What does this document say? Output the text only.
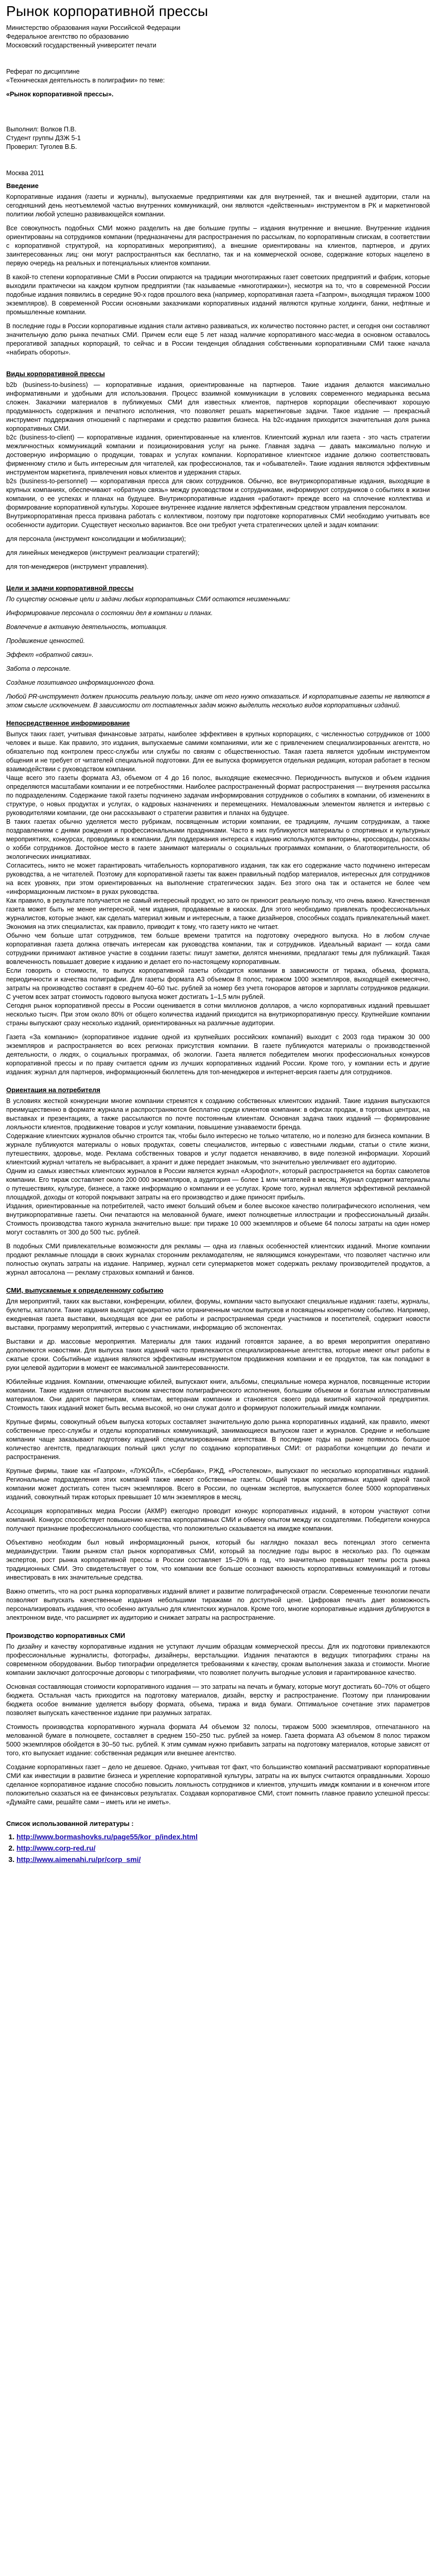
Рынок корпоративной прессы

Министерство образования науки Российской Федерации

Федеральное агентство по образованию

Московский государственный университет печати

Реферат по дисциплине

«Техническая деятельность в полиграфии» по теме:

«Рынок корпоративной прессы».

Выполнил: Волков П.В.

Студент группы ДЗЖ 5-1

Проверил: Туголев В.Б.

Москва 2011

Введение

Корпоративные издания (газеты и журналы), выпускаемые предприятиями как для внутренней, так и внешней аудитории, стали на сегодняшний день неотъемлемой частью внутренних коммуникаций, они являются «действенным» инструментом в РК и маркетинговой политики любой успешно развивающейся компании.

Все совокупность подобных СМИ можно разделить на две большие группы – издания внутренние и внешние. Внутренние издания ориентированы на сотрудников компании (предназначены для распространения по рассылкам, по корпоративным спискам, в соответствии с корпоративной структурой, на корпоративных мероприятиях), а внешние ориентированы на клиентов, партнеров, и других заинтересованных лиц: они могут распространяться как бесплатно, так и на коммерческой основе, содержание которых нацелено в первую очередь на реальных и потенциальных клиентов компании.

В какой-то степени корпоративные СМИ в России опираются на традиции многотиражных газет советских предприятий и фабрик, которые выходили практически на каждом крупном предприятии (так называемые «многотиражки»), несмотря на то, что в современной России подобные издания появились в середине 90-х годов прошлого века (например, корпоративная газета «Газпром», выходящая тиражом 1000 экземпляров). В современной России основными заказчиками корпоративных изданий являются крупные холдинги, банки, нефтяные и промышленные компании.

В последние годы в России корпоративные издания стали активно развиваться, их количество постоянно растет, и сегодня они составляют значительную долю рынка печатных СМИ. Причем если еще 5 лет назад наличие корпоративного масс-медиа в основном оставалось прерогативой западных корпораций, то сейчас и в России тенденция обладания собственными корпоративными СМИ также начала «набирать обороты».

Виды корпоративной прессы

b2b (business-to-business) — корпоративные издания, ориентированные на партнеров. Такие издания делаются максимально информативными и удобными для использования. Процесс взаимной коммуникации в условиях современного медиарынка весьма сложен. Заказчики материалов в публикуемых СМИ для известных клиентов, партнеров корпорации обеспечивают хорошую продуманность содержания и печатного исполнения, что позволяет решать маркетинговые задачи. Такое издание — прекрасный инструмент поддержания отношений с партнерами и средство развития бизнеса. На b2c-издания приходится значительная доля рынка корпоративных СМИ.

b2c (business-to-client) — корпоративные издания, ориентированные на клиентов. Клиентский журнал или газета - это часть стратегии межличностных коммуникаций компании и позиционирования услуг на рынке. Главная задача — давать максимально полную и достоверную информацию о продукции, товарах и услугах компании. Корпоративное клиентское издание должно соответствовать фирменному стилю и быть интересным для читателей, как профессионалов, так и «обывателей». Такие издания являются эффективным инструментом маркетинга, привлечения новых клиентов и удержания старых.

b2s (business-to-personnel) — корпоративная пресса для своих сотрудников. Обычно, все внутрикорпоративные издания, выходящие в крупных компаниях, обеспечивают «обратную связь» между руководством и сотрудниками, информируют сотрудников о событиях в жизни компании, о ее успехах и планах на будущее. Внутрикорпоративные издания «работают» прежде всего на сплочение коллектива и формирование корпоративной культуры. Хорошее внутреннее издание является эффективным средством управления персоналом.

Внутрикорпоративная пресса призвана работать с коллективом, поэтому при подготовке корпоративных СМИ необходимо учитывать все особенности аудитории. Существует несколько вариантов. Все они требуют учета стратегических целей и задач компании:

для персонала (инструмент консолидации и мобилизации);

для линейных менеджеров (инструмент реализации стратегий);

для топ-менеджеров (инструмент управления).

Цели и задачи корпоративной прессы

По существу основные цели и задачи любых корпоративных СМИ остаются неизменными:

Информирование персонала о состоянии дел в компании и планах.

Вовлечение в активную деятельность, мотивация.

Продвижение ценностей.

Эффект «обратной связи».

Забота о персонале.

Создание позитивного информационного фона.

Любой PR-инструмент должен приносить реальную пользу, иначе от него нужно отказаться. И корпоративные газеты не являются в этом смысле исключением. В зависимости от поставленных задач можно выделить несколько видов корпоративных изданий.

Непосредственное информирование

Выпуск таких газет, учитывая финансовые затраты, наиболее эффективен в крупных корпорациях, с численностью сотрудников от 1000 человек и выше. Как правило, это издания, выпускаемые самими компаниями, или же с привлечением специализированных агентств, но обязательно под контролем пресс-службы или службы по связям с общественностью. Такая газета является удобным инструментом общения и не требует от читателей специальной подготовки. Для ее выпуска формируется отдельная редакция, которая работает в тесном взаимодействии с руководством компании.

Чаще всего это газеты формата А3, объемом от 4 до 16 полос, выходящие ежемесячно. Периодичность выпусков и объем издания определяются масштабами компании и ее потребностями. Наиболее распространенный формат распространения — внутренняя рассылка по подразделениям. Содержание такой газеты подчинено задачам информирования сотрудников о событиях в компании, об изменениях в структуре, о новых продуктах и услугах, о кадровых назначениях и перемещениях. Немаловажным элементом является и интервью с руководителями компании, где они рассказывают о стратегии развития и планах на будущее.

В таких газетах обычно уделяется место рубрикам, посвященным истории компании, ее традициям, лучшим сотрудникам, а также поздравлениям с днями рождения и профессиональными праздниками. Часто в них публикуются материалы о спортивных и культурных мероприятиях, конкурсах, проводимых в компании. Для поддержания интереса к изданию используются викторины, кроссворды, рассказы о хобби сотрудников. Достойное место в газете занимают материалы о социальных программах компании, о благотворительности, об экологических инициативах.

Согласитесь, никто не может гарантировать читабельность корпоративного издания, так как его содержание часто подчинено интересам руководства, а не читателей. Поэтому для корпоративной газеты так важен правильный подбор материалов, интересных для сотрудников на всех уровнях, при этом ориентированных на выполнение стратегических задач. Без этого она так и останется не более чем «информационным листком» в руках руководства.

Как правило, в результате получается не самый интересный продукт, но зато он приносит реальную пользу, что очень важно. Качественная газета может быть не менее интересной, чем издания, продаваемые в киосках. Для этого необходимо привлекать профессиональных журналистов, которые знают, как сделать материал живым и интересным, а также дизайнеров, способных создать привлекательный макет. Экономия на этих специалистах, как правило, приводит к тому, что газету никто не читает.

Обычно чем больше штат сотрудников, тем больше времени тратится на подготовку очередного выпуска. Но в любом случае корпоративная газета должна отвечать интересам как руководства компании, так и сотрудников. Идеальный вариант — когда сами сотрудники принимают активное участие в создании газеты: пишут заметки, делятся мнениями, предлагают темы для публикаций. Такая вовлеченность повышает доверие к изданию и делает его по-настоящему корпоративным.

Если говорить о стоимости, то выпуск корпоративной газеты обходится компании в зависимости от тиража, объема, формата, периодичности и качества полиграфии. Для газеты формата А3 объемом 8 полос, тиражом 1000 экземпляров, выходящей ежемесячно, затраты на производство составят в среднем 40–60 тыс. рублей за номер без учета гонораров авторов и зарплаты сотрудников редакции. С учетом всех затрат стоимость годового выпуска может достигать 1–1,5 млн рублей.

Сегодня рынок корпоративной прессы в России оценивается в сотни миллионов долларов, а число корпоративных изданий превышает несколько тысяч. При этом около 80% от общего количества изданий приходится на внутрикорпоративную прессу. Крупнейшие компании страны выпускают сразу несколько изданий, ориентированных на различные аудитории.

Газета «За компанию» (корпоративное издание одной из крупнейших российских компаний) выходит с 2003 года тиражом 30 000 экземпляров и распространяется во всех регионах присутствия компании. В газете публикуются материалы о производственной деятельности, о людях, о социальных программах, об экологии. Газета является победителем многих профессиональных конкурсов корпоративной прессы и по праву считается одним из лучших корпоративных изданий России. Кроме того, у компании есть и другие издания: журнал для партнеров, информационный бюллетень для топ-менеджеров и интернет-версия газеты для сотрудников.

Ориентация на потребителя

В условиях жесткой конкуренции многие компании стремятся к созданию собственных клиентских изданий. Такие издания выпускаются преимущественно в формате журнала и распространяются бесплатно среди клиентов компании: в офисах продаж, в торговых центрах, на выставках и презентациях, а также рассылаются по почте постоянным клиентам. Основная задача таких изданий — формирование лояльности клиентов, продвижение товаров и услуг компании, повышение узнаваемости бренда.

Содержание клиентских журналов обычно строится так, чтобы было интересно не только читателю, но и полезно для бизнеса компании. В журнале публикуются материалы о новых продуктах, советы специалистов, интервью с известными людьми, статьи о стиле жизни, путешествиях, здоровье, моде. Реклама собственных товаров и услуг подается ненавязчиво, в виде полезной информации. Хороший клиентский журнал читатель не выбрасывает, а хранит и даже передает знакомым, что значительно увеличивает его аудиторию.

Одним из самых известных клиентских журналов в России является журнал «Аэрофлот», который распространяется на бортах самолетов компании. Его тираж составляет около 200 000 экземпляров, а аудитория — более 1 млн читателей в месяц. Журнал содержит материалы о путешествиях, культуре, бизнесе, а также информацию о компании и ее услугах. Кроме того, журнал является эффективной рекламной площадкой, доходы от которой покрывают затраты на его производство и даже приносят прибыль.

Издания, ориентированные на потребителей, часто имеют больший объем и более высокое качество полиграфического исполнения, чем внутрикорпоративные газеты. Они печатаются на мелованной бумаге, имеют полноцветные иллюстрации и профессиональный дизайн. Стоимость производства такого журнала значительно выше: при тираже 10 000 экземпляров и объеме 64 полосы затраты на один номер могут составлять от 300 до 500 тыс. рублей.

В подобных СМИ привлекательные возможности для рекламы — одна из главных особенностей клиентских изданий. Многие компании продают рекламные площади в своих журналах сторонним рекламодателям, не являющимся конкурентами, что позволяет частично или полностью окупать затраты на издание. Например, журнал сети супермаркетов может содержать рекламу производителей продуктов, а журнал автосалона — рекламу страховых компаний и банков.

СМИ, выпускаемые к определенному событию

Для мероприятий, таких как выставки, конференции, юбилеи, форумы, компании часто выпускают специальные издания: газеты, журналы, буклеты, каталоги. Такие издания выходят однократно или ограниченным числом выпусков и посвящены конкретному событию. Например, ежедневная газета выставки, выходящая все дни ее работы и распространяемая среди участников и посетителей, содержит новости выставки, программу мероприятий, интервью с участниками, информацию об экспонентах.

Выставки и др. массовые мероприятия. Материалы для таких изданий готовятся заранее, а во время мероприятия оперативно дополняются новостями. Для выпуска таких изданий часто привлекаются специализированные агентства, которые имеют опыт работы в сжатые сроки. Событийные издания являются эффективным инструментом продвижения компании и ее продуктов, так как попадают в руки целевой аудитории в момент ее максимальной заинтересованности.

Юбилейные издания. Компании, отмечающие юбилей, выпускают книги, альбомы, специальные номера журналов, посвященные истории компании. Такие издания отличаются высоким качеством полиграфического исполнения, большим объемом и богатым иллюстративным материалом. Они дарятся партнерам, клиентам, ветеранам компании и становятся своего рода визитной карточкой предприятия. Стоимость таких изданий может быть весьма высокой, но они служат долго и формируют положительный имидж компании.

Крупные фирмы, совокупный объем выпуска которых составляет значительную долю рынка корпоративных изданий, как правило, имеют собственные пресс-службы и отделы корпоративных коммуникаций, занимающиеся выпуском газет и журналов. Средние и небольшие компании чаще заказывают подготовку изданий специализированным агентствам. В последние годы на рынке появилось большое количество агентств, предлагающих полный цикл услуг по созданию корпоративных СМИ: от разработки концепции до печати и распространения.

Крупные фирмы, такие как «Газпром», «ЛУКОЙЛ», «Сбербанк», РЖД, «Ростелеком», выпускают по несколько корпоративных изданий. Региональные подразделения этих компаний также имеют собственные газеты. Общий тираж корпоративных изданий одной такой компании может достигать сотен тысяч экземпляров. Всего в России, по оценкам экспертов, выпускается более 5000 корпоративных изданий, совокупный тираж которых превышает 10 млн экземпляров в месяц.

Ассоциация корпоративных медиа России (АКМР) ежегодно проводит конкурс корпоративных изданий, в котором участвуют сотни компаний. Конкурс способствует повышению качества корпоративных СМИ и обмену опытом между их создателями. Победители конкурса получают признание профессионального сообщества, что положительно сказывается на имидже компании.

Объективно необходим был новый информационный рынок, который бы наглядно показал весь потенциал этого сегмента медиаиндустрии. Таким рынком стал рынок корпоративных СМИ, который за последние годы вырос в несколько раз. По оценкам экспертов, рост рынка корпоративной прессы в России составляет 15–20% в год, что значительно превышает темпы роста рынка традиционных СМИ. Это свидетельствует о том, что компании все больше осознают важность корпоративных коммуникаций и готовы инвестировать в них значительные средства.

Важно отметить, что на рост рынка корпоративных изданий влияет и развитие полиграфической отрасли. Современные технологии печати позволяют выпускать качественные издания небольшими тиражами по доступной цене. Цифровая печать дает возможность персонализировать издания, что особенно актуально для клиентских журналов. Кроме того, многие корпоративные издания дублируются в электронном виде, что расширяет их аудиторию и снижает затраты на распространение.

Производство корпоративных СМИ

По дизайну и качеству корпоративные издания не уступают лучшим образцам коммерческой прессы. Для их подготовки привлекаются профессиональные журналисты, фотографы, дизайнеры, верстальщики. Издания печатаются в ведущих типографиях страны на современном оборудовании. Выбор типографии определяется требованиями к качеству, срокам выполнения заказа и стоимости. Многие компании заключают долгосрочные договоры с типографиями, что позволяет получить выгодные условия и гарантированное качество.

Основная составляющая стоимости корпоративного издания — это затраты на печать и бумагу, которые могут достигать 60–70% от общего бюджета. Остальная часть приходится на подготовку материалов, дизайн, верстку и распространение. Поэтому при планировании бюджета особое внимание уделяется выбору формата, объема, тиража и вида бумаги. Оптимальное сочетание этих параметров позволяет выпускать качественное издание при разумных затратах.

Стоимость производства корпоративного журнала формата А4 объемом 32 полосы, тиражом 5000 экземпляров, отпечатанного на мелованной бумаге в полноцвете, составляет в среднем 150–250 тыс. рублей за номер. Газета формата А3 объемом 8 полос тиражом 5000 экземпляров обойдется в 30–50 тыс. рублей. К этим суммам нужно прибавить затраты на подготовку материалов, которые зависят от того, кто выпускает издание: собственная редакция или внешнее агентство.

Создание корпоративных газет – дело не дешевое. Однако, учитывая тот факт, что большинство компаний рассматривают корпоративные СМИ как инвестиции в развитие бизнеса и укрепление корпоративной культуры, затраты на их выпуск считаются оправданными. Хорошо сделанное корпоративное издание способно повысить лояльность сотрудников и клиентов, улучшить имидж компании и в конечном итоге положительно сказаться на ее финансовых результатах. Создавая корпоративное СМИ, стоит помнить главное правило успешной прессы: «Думайте сами, решайте сами – иметь или не иметь».

Список использованной литературы :
1. http://www.bormashovks.ru/page55/kor_p/index.html
2. http://www.corp-red.ru/
3. http://www.aimenahi.ru/pr/corp_smi/
